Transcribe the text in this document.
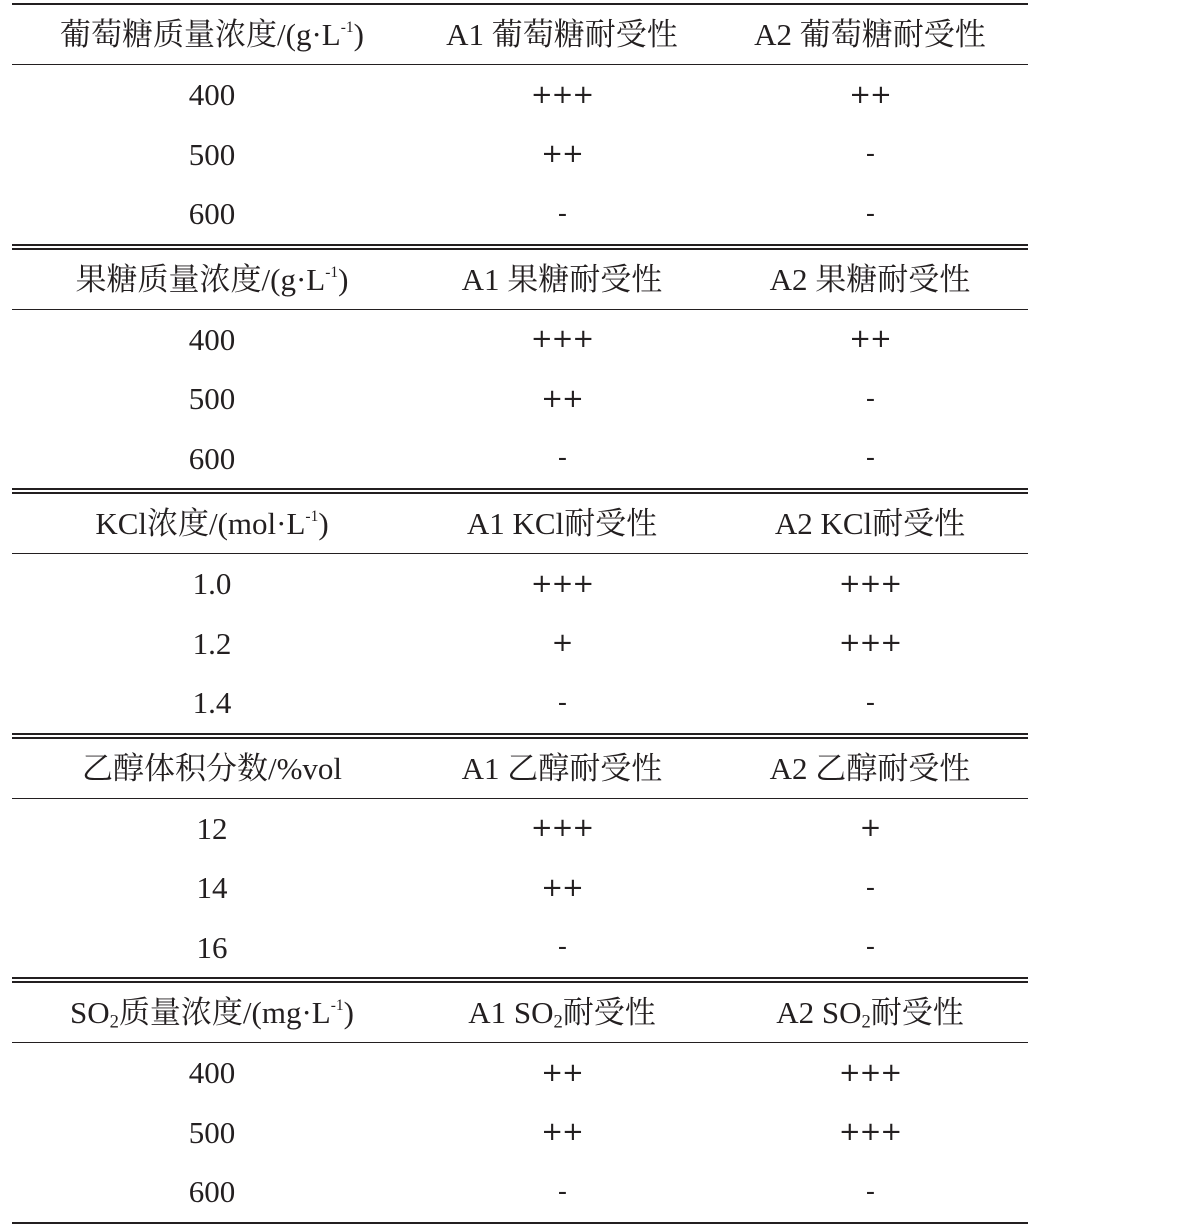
葡萄糖质量浓度$/(g\cdot L^{-1})$	A1 葡萄糖耐受性	A2 葡萄糖耐受性
400	+++	++
500	++	-
600	-	-
果糖质量浓度$/(g\cdot L^{-1})$	A1 果糖耐受性	A2 果糖耐受性
400	+++	++
500	++	-
600	-	-
KCl浓度$/(mol\cdot L^{-1})$	A1 KCl耐受性	A2 KCl耐受性
1.0	+++	+++
1.2	+	+++
1.4	-	-
乙醇体积分数/%vol	A1 乙醇耐受性	A2 乙醇耐受性
12	+++	+
14	++	-
16	-	-
$SO_2$质量浓度$/(mg\cdot L^{-1})$	A1 $SO_2$耐受性	A2 $SO_2$耐受性
400	++	+++
500	++	+++
600	-	-
